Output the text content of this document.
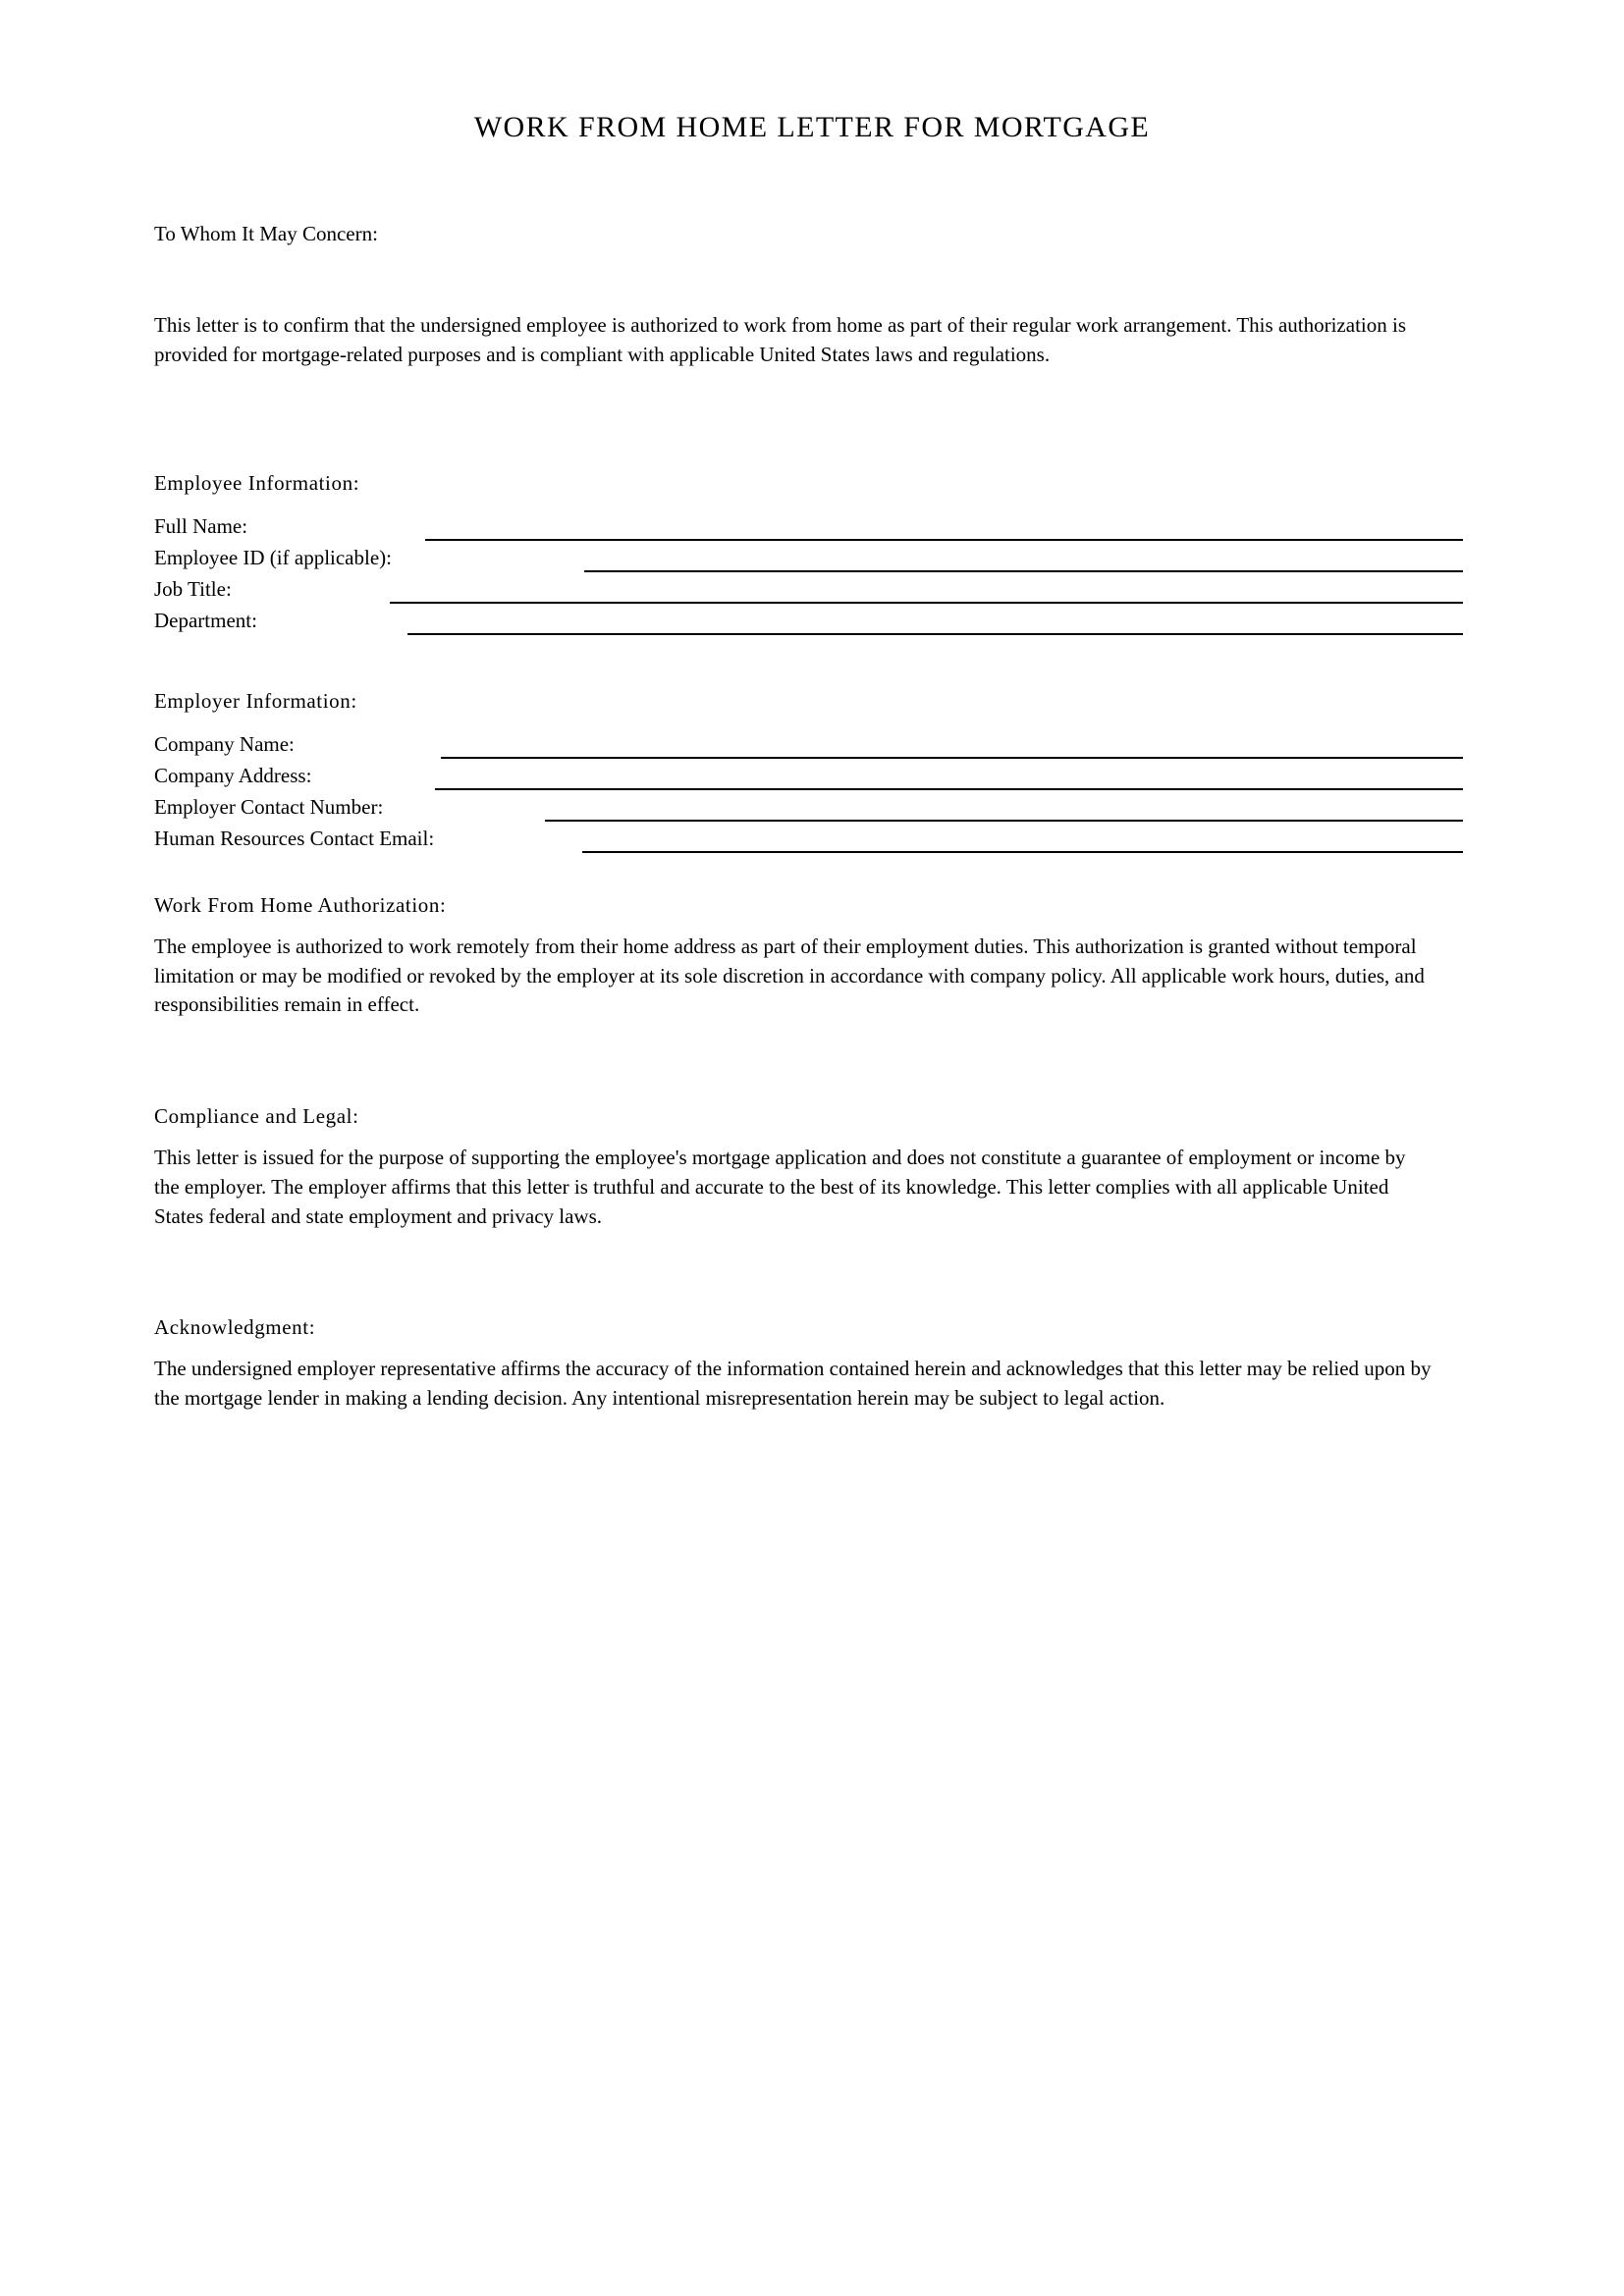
WORK FROM HOME LETTER FOR MORTGAGE

To Whom It May Concern:

This letter is to confirm that the undersigned employee is authorized to work from home as part of their regular work arrangement. This authorization is provided for mortgage-related purposes and is compliant with applicable United States laws and regulations.

Employee Information:

Full Name:
Employee ID (if applicable):
Job Title:
Department:

Employer Information:

Company Name:
Company Address:
Employer Contact Number:
Human Resources Contact Email:

Work From Home Authorization:

The employee is authorized to work remotely from their home address as part of their employment duties. This authorization is granted without temporal limitation or may be modified or revoked by the employer at its sole discretion in accordance with company policy. All applicable work hours, duties, and responsibilities remain in effect.

Compliance and Legal:

This letter is issued for the purpose of supporting the employee's mortgage application and does not constitute a guarantee of employment or income by the employer. The employer affirms that this letter is truthful and accurate to the best of its knowledge. This letter complies with all applicable United States federal and state employment and privacy laws.

Acknowledgment:

The undersigned employer representative affirms the accuracy of the information contained herein and acknowledges that this letter may be relied upon by the mortgage lender in making a lending decision. Any intentional misrepresentation herein may be subject to legal action.
